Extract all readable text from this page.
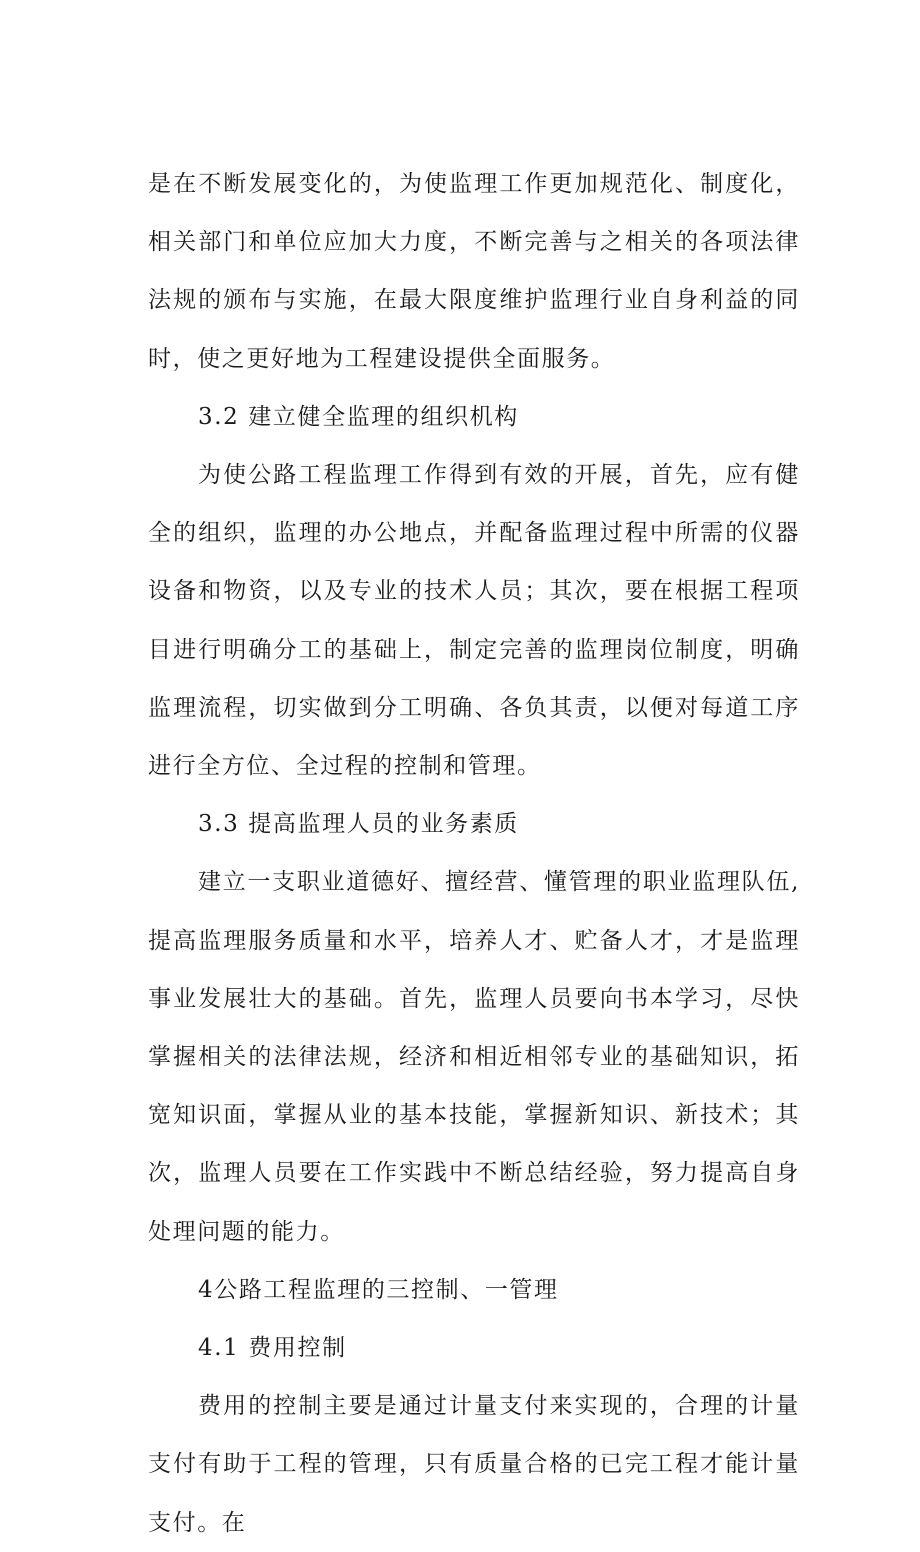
是在不断发展变化的，为使监理工作更加规范化、制度化，相关部门和单位应加大力度，不断完善与之相关的各项法律法规的颁布与实施，在最大限度维护监理行业自身利益的同时，使之更好地为工程建设提供全面服务。

3.2 建立健全监理的组织机构

为使公路工程监理工作得到有效的开展，首先，应有健全的组织，监理的办公地点，并配备监理过程中所需的仪器设备和物资，以及专业的技术人员；其次，要在根据工程项目进行明确分工的基础上，制定完善的监理岗位制度，明确监理流程，切实做到分工明确、各负其责，以便对每道工序进行全方位、全过程的控制和管理。

3.3 提高监理人员的业务素质

建立一支职业道德好、擅经营、懂管理的职业监理队伍,提高监理服务质量和水平，培养人才、贮备人才，才是监理事业发展壮大的基础。首先，监理人员要向书本学习，尽快掌握相关的法律法规，经济和相近相邻专业的基础知识，拓宽知识面，掌握从业的基本技能，掌握新知识、新技术；其次，监理人员要在工作实践中不断总结经验，努力提高自身处理问题的能力。

4公路工程监理的三控制、一管理

4.1 费用控制

费用的控制主要是通过计量支付来实现的，合理的计量支付有助于工程的管理，只有质量合格的已完工程才能计量支付。在
